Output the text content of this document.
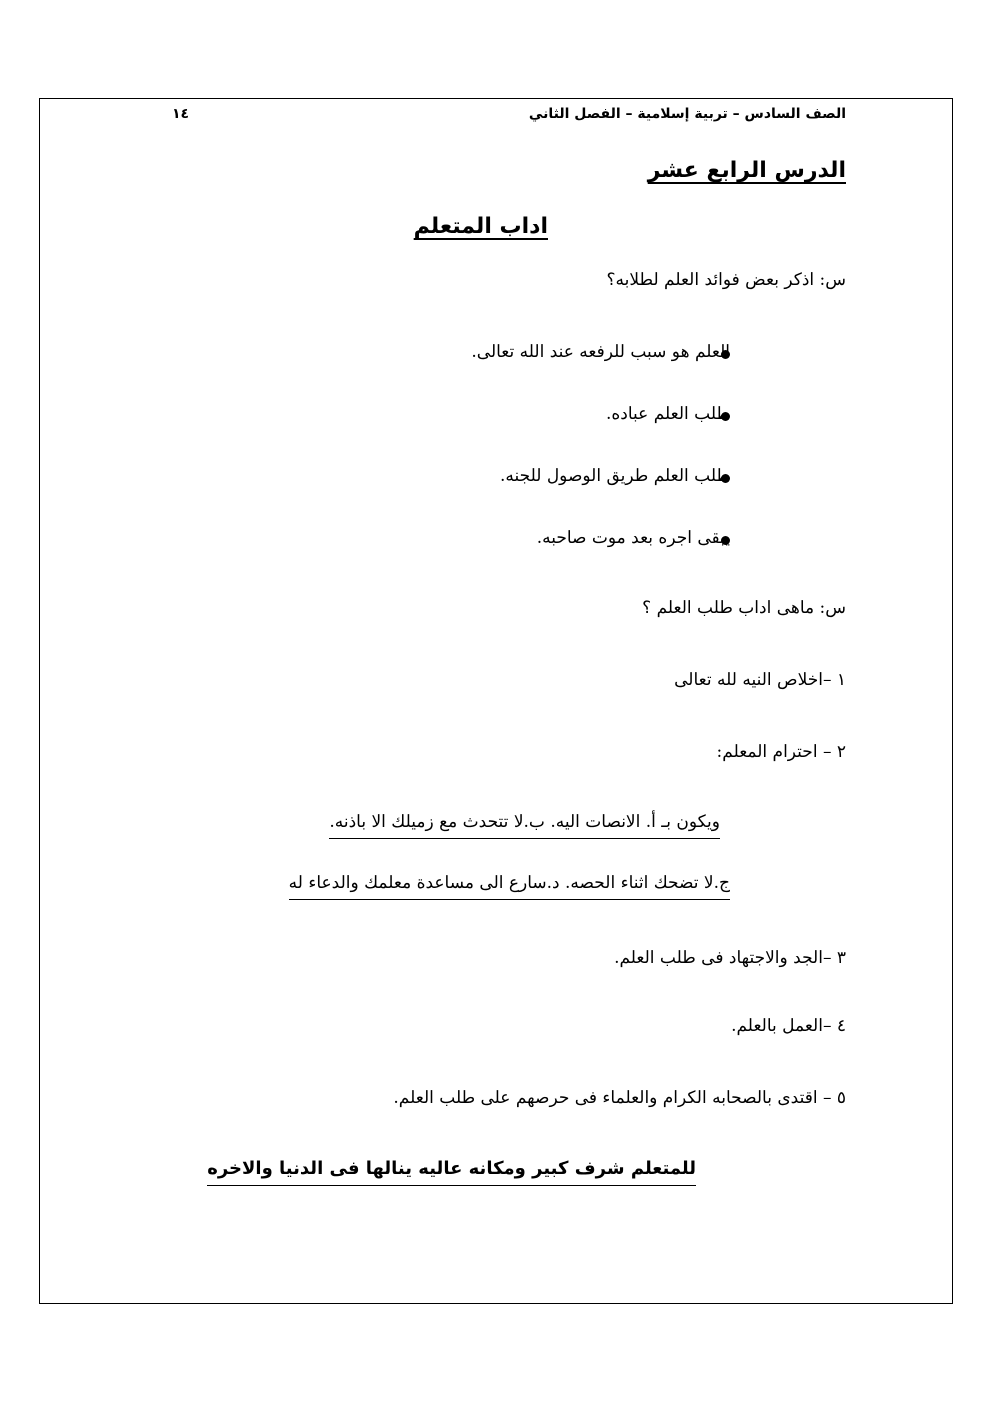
الصف السادس – تربية إسلامية – الفصل الثاني
١٤
الدرس الرابع عشر
اداب المتعلم
س: اذكر بعض فوائد العلم لطلابه؟
العلم هو سبب للرفعه عند الله تعالى.
طلب العلم عباده.
طلب العلم طريق الوصول للجنه.
يبقى اجره بعد موت صاحبه.
س: ماهى اداب طلب العلم ؟
١ –اخلاص النيه لله تعالى
٢ – احترام المعلم:
ويكون بـ أ. الانصات اليه. ب.لا تتحدث مع زميلك الا باذنه.
ج.لا تضحك اثناء الحصه. د.سارع الى مساعدة معلمك والدعاء له
٣ –الجد والاجتهاد فى طلب العلم.
٤ –العمل بالعلم.
٥ – اقتدى بالصحابه الكرام والعلماء فى حرصهم على طلب العلم.
للمتعلم شرف كبير ومكانه عاليه ينالها فى الدنيا والاخره
